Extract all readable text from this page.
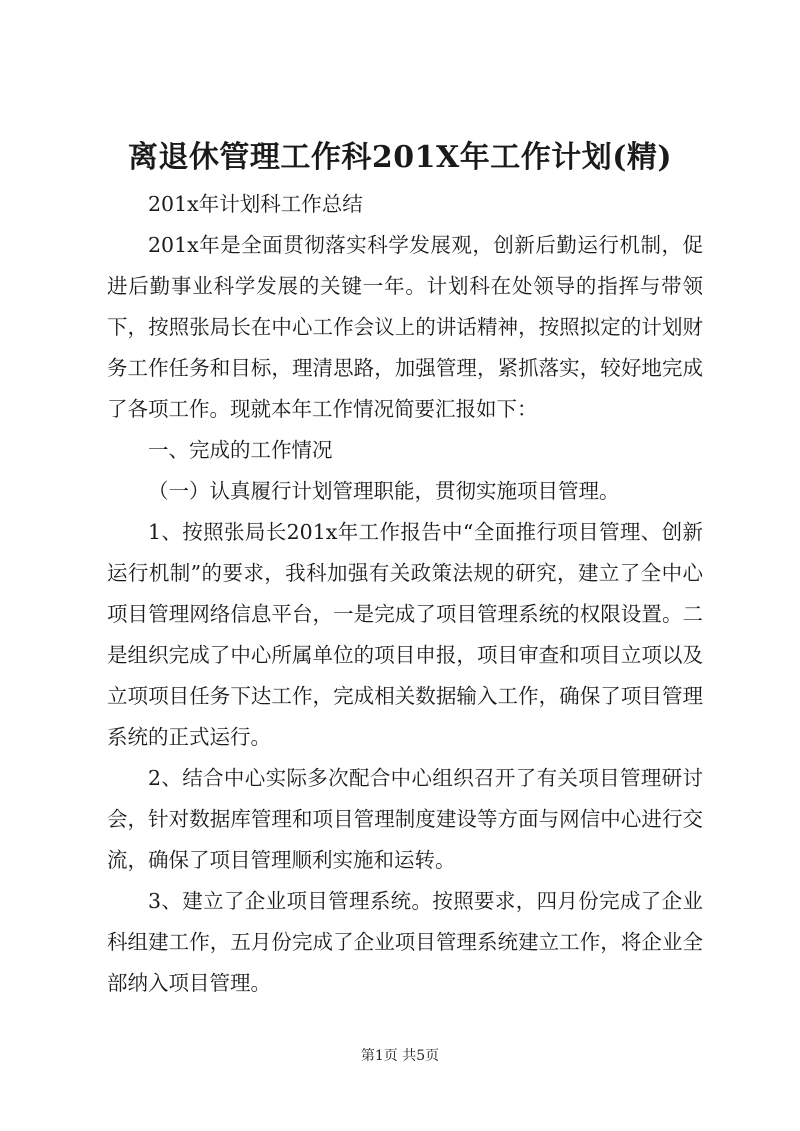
离退休管理工作科201X年工作计划(精)

201x年计划科工作总结

201x年是全面贯彻落实科学发展观，创新后勤运行机制，促进后勤事业科学发展的关键一年。计划科在处领导的指挥与带领下，按照张局长在中心工作会议上的讲话精神，按照拟定的计划财务工作任务和目标，理清思路，加强管理，紧抓落实，较好地完成了各项工作。现就本年工作情况简要汇报如下：

一、完成的工作情况

（一）认真履行计划管理职能，贯彻实施项目管理。

1、按照张局长201x年工作报告中“全面推行项目管理、创新运行机制”的要求，我科加强有关政策法规的研究，建立了全中心项目管理网络信息平台，一是完成了项目管理系统的权限设置。二是组织完成了中心所属单位的项目申报，项目审查和项目立项以及立项项目任务下达工作，完成相关数据输入工作，确保了项目管理系统的正式运行。

2、结合中心实际多次配合中心组织召开了有关项目管理研讨会，针对数据库管理和项目管理制度建设等方面与网信中心进行交流，确保了项目管理顺利实施和运转。

3、建立了企业项目管理系统。按照要求，四月份完成了企业科组建工作，五月份完成了企业项目管理系统建立工作，将企业全部纳入项目管理。

第1页 共5页
